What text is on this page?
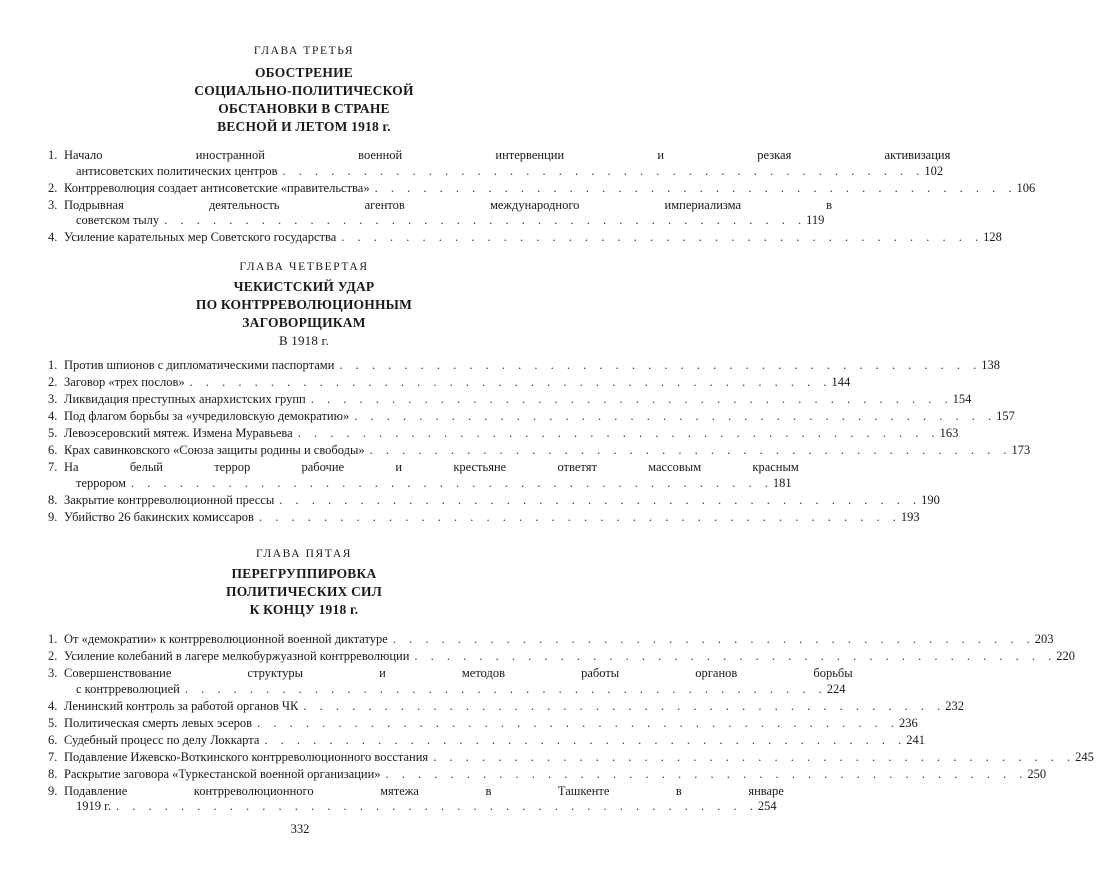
ГЛАВА ТРЕТЬЯ

ОБОСТРЕНИЕ

СОЦИАЛЬНО-ПОЛИТИЧЕСКОЙ

ОБСТАНОВКИ В СТРАНЕ

ВЕСНОЙ И ЛЕТОМ 1918 г.

1. Начало иностранной военной интервенции и резкая активизация
антисоветских политических центров . . . . . . . . . . . . . . . . . . . . . . . . . . . . . . . . . . . . . . . . 102
2. Контрреволюция создает антисоветские «правительства» . . . . . . . . . . . . . . . . . . . . . . . . . . . . . . . . . . . . . . . . 106
3. Подрывная деятельность агентов международного империализма в
советском тылу . . . . . . . . . . . . . . . . . . . . . . . . . . . . . . . . . . . . . . . . 119
4. Усиление карательных мер Советского государства . . . . . . . . . . . . . . . . . . . . . . . . . . . . . . . . . . . . . . . . 128

ГЛАВА ЧЕТВЕРТАЯ

ЧЕКИСТСКИЙ УДАР

ПО КОНТРРЕВОЛЮЦИОННЫМ

ЗАГОВОРЩИКАМ

В 1918 г.

1. Против шпионов с дипломатическими паспортами . . . . . . . . . . . . . . . . . . . . . . . . . . . . . . . . . . . . . . . . 138
2. Заговор «трех послов» . . . . . . . . . . . . . . . . . . . . . . . . . . . . . . . . . . . . . . . . 144
3. Ликвидация преступных анархистских групп . . . . . . . . . . . . . . . . . . . . . . . . . . . . . . . . . . . . . . . . 154
4. Под флагом борьбы за «учредиловскую демократию» . . . . . . . . . . . . . . . . . . . . . . . . . . . . . . . . . . . . . . . . 157
5. Левоэсеровский мятеж. Измена Муравьева . . . . . . . . . . . . . . . . . . . . . . . . . . . . . . . . . . . . . . . . 163
6. Крах савинковского «Союза защиты родины и свободы» . . . . . . . . . . . . . . . . . . . . . . . . . . . . . . . . . . . . . . . . 173
7. На белый террор рабочие и крестьяне ответят массовым красным
террором . . . . . . . . . . . . . . . . . . . . . . . . . . . . . . . . . . . . . . . . 181
8. Закрытие контрреволюционной прессы . . . . . . . . . . . . . . . . . . . . . . . . . . . . . . . . . . . . . . . . 190
9. Убийство 26 бакинских комиссаров . . . . . . . . . . . . . . . . . . . . . . . . . . . . . . . . . . . . . . . . 193

ГЛАВА ПЯТАЯ

ПЕРЕГРУППИРОВКА

ПОЛИТИЧЕСКИХ СИЛ

К КОНЦУ 1918 г.

1. От «демократии» к контрреволюционной военной диктатуре . . . . . . . . . . . . . . . . . . . . . . . . . . . . . . . . . . . . . . . . 203
2. Усиление колебаний в лагере мелкобуржуазной контрреволюции . . . . . . . . . . . . . . . . . . . . . . . . . . . . . . . . . . . . . . . . 220
3. Совершенствование структуры и методов работы органов борьбы
с контрреволюцией . . . . . . . . . . . . . . . . . . . . . . . . . . . . . . . . . . . . . . . . 224
4. Ленинский контроль за работой органов ЧК . . . . . . . . . . . . . . . . . . . . . . . . . . . . . . . . . . . . . . . . 232
5. Политическая смерть левых эсеров . . . . . . . . . . . . . . . . . . . . . . . . . . . . . . . . . . . . . . . . 236
6. Судебный процесс по делу Локкарта . . . . . . . . . . . . . . . . . . . . . . . . . . . . . . . . . . . . . . . . 241
7. Подавление Ижевско-Воткинского контрреволюционного восстания . . . . . . . . . . . . . . . . . . . . . . . . . . . . . . . . . . . . . . . . 245
8. Раскрытие заговора «Туркестанской военной организации» . . . . . . . . . . . . . . . . . . . . . . . . . . . . . . . . . . . . . . . . 250
9. Подавление контрреволюционного мятежа в Ташкенте в январе
1919 г. . . . . . . . . . . . . . . . . . . . . . . . . . . . . . . . . . . . . . . . . 254
332
